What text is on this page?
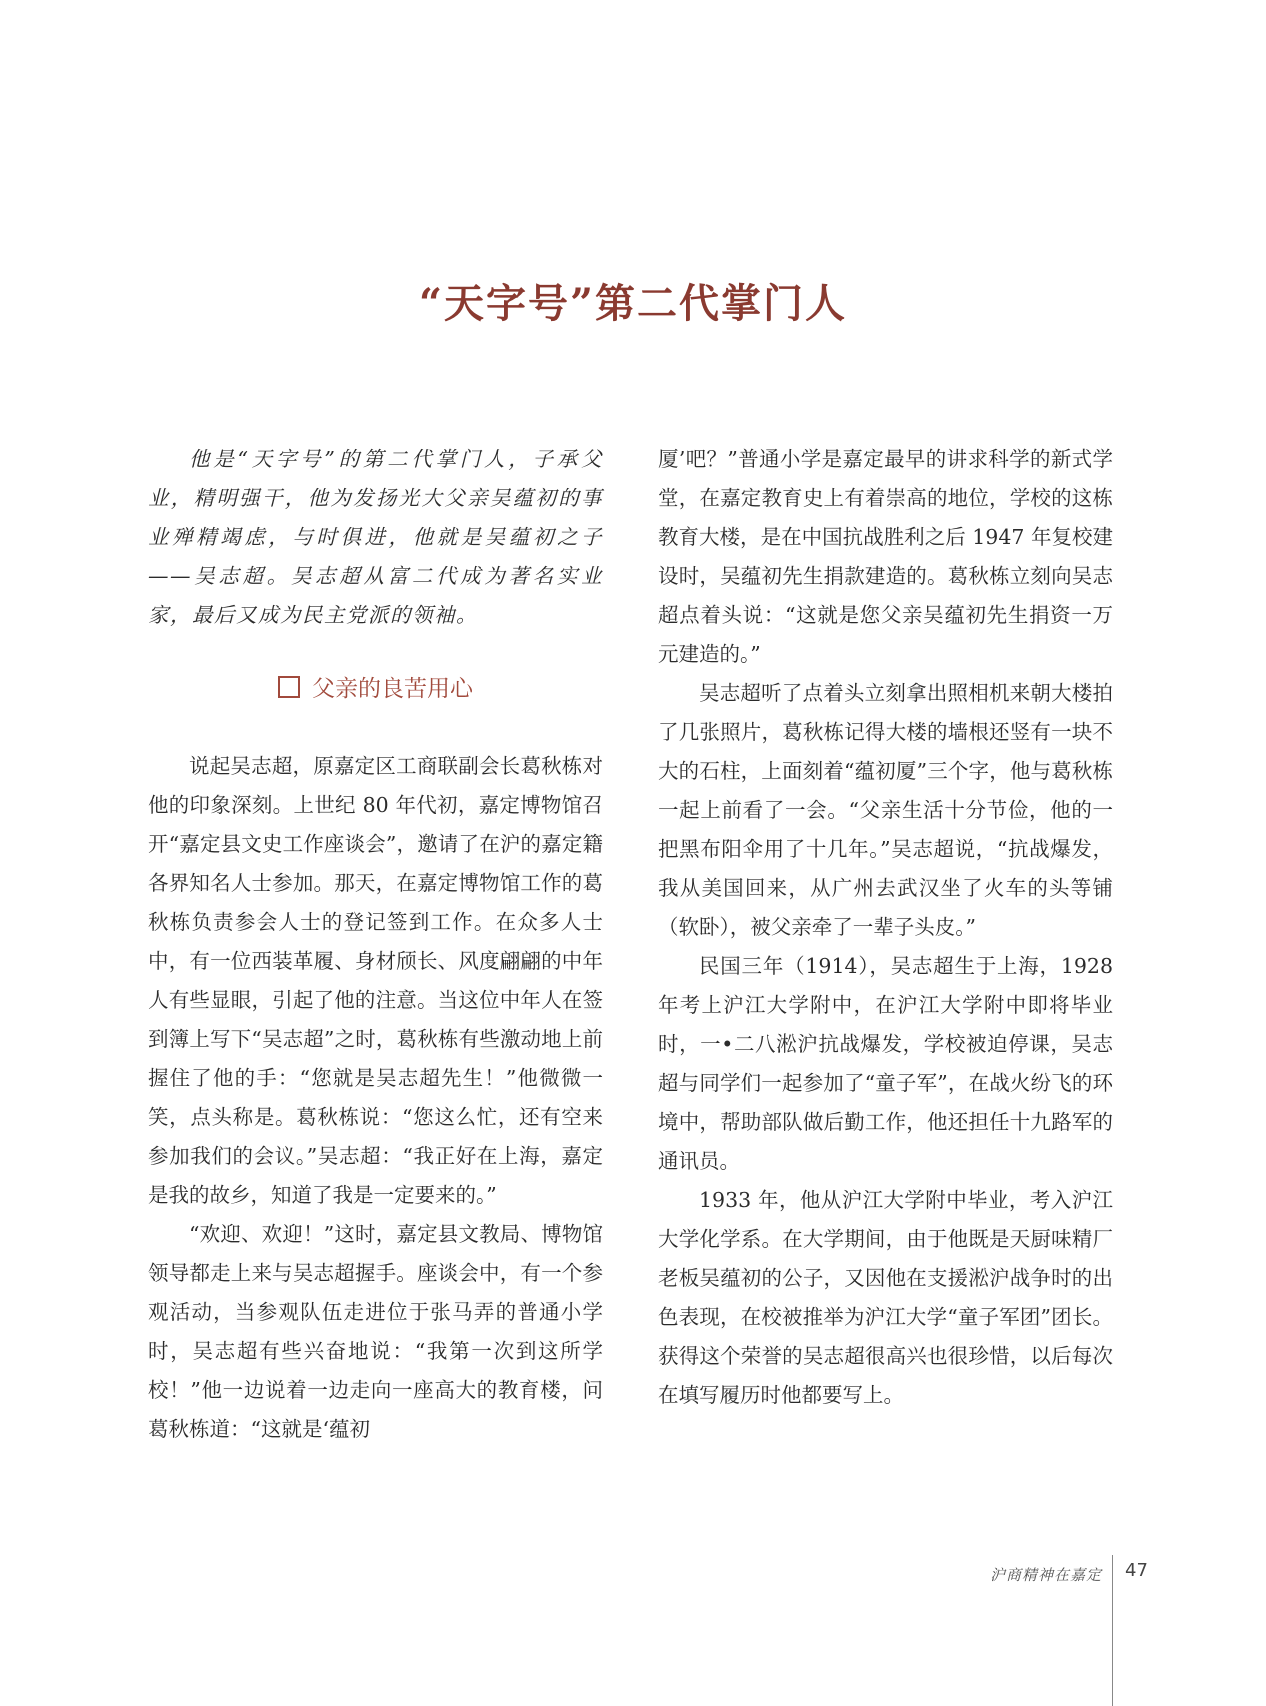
“天字号”第二代掌门人

他是“天字号”的第二代掌门人，子承父业，精明强干，他为发扬光大父亲吴蕴初的事业殚精竭虑，与时俱进，他就是吴蕴初之子——吴志超。吴志超从富二代成为著名实业家，最后又成为民主党派的领袖。

父亲的良苦用心

说起吴志超，原嘉定区工商联副会长葛秋栋对他的印象深刻。上世纪 80 年代初，嘉定博物馆召开“嘉定县文史工作座谈会”，邀请了在沪的嘉定籍各界知名人士参加。那天，在嘉定博物馆工作的葛秋栋负责参会人士的登记签到工作。在众多人士中，有一位西装革履、身材颀长、风度翩翩的中年人有些显眼，引起了他的注意。当这位中年人在签到簿上写下“吴志超”之时，葛秋栋有些激动地上前握住了他的手：“您就是吴志超先生！”他微微一笑，点头称是。葛秋栋说：“您这么忙，还有空来参加我们的会议。”吴志超：“我正好在上海，嘉定是我的故乡，知道了我是一定要来的。”

“欢迎、欢迎！”这时，嘉定县文教局、博物馆领导都走上来与吴志超握手。座谈会中，有一个参观活动，当参观队伍走进位于张马弄的普通小学时，吴志超有些兴奋地说：“我第一次到这所学校！”他一边说着一边走向一座高大的教育楼，问葛秋栋道：“这就是‘蕴初

厦’吧？”普通小学是嘉定最早的讲求科学的新式学堂，在嘉定教育史上有着崇高的地位，学校的这栋教育大楼，是在中国抗战胜利之后 1947 年复校建设时，吴蕴初先生捐款建造的。葛秋栋立刻向吴志超点着头说：“这就是您父亲吴蕴初先生捐资一万元建造的。”

吴志超听了点着头立刻拿出照相机来朝大楼拍了几张照片，葛秋栋记得大楼的墙根还竖有一块不大的石柱，上面刻着“蕴初厦”三个字，他与葛秋栋一起上前看了一会。“父亲生活十分节俭，他的一把黑布阳伞用了十几年。”吴志超说，“抗战爆发，我从美国回来，从广州去武汉坐了火车的头等铺（软卧），被父亲牵了一辈子头皮。”

民国三年（1914），吴志超生于上海，1928 年考上沪江大学附中，在沪江大学附中即将毕业时，一•二八淞沪抗战爆发，学校被迫停课，吴志超与同学们一起参加了“童子军”，在战火纷飞的环境中，帮助部队做后勤工作，他还担任十九路军的通讯员。

1933 年，他从沪江大学附中毕业，考入沪江大学化学系。在大学期间，由于他既是天厨味精厂老板吴蕴初的公子，又因他在支援淞沪战争时的出色表现，在校被推举为沪江大学“童子军团”团长。获得这个荣誉的吴志超很高兴也很珍惜，以后每次在填写履历时他都要写上。

沪商精神在嘉定 47
